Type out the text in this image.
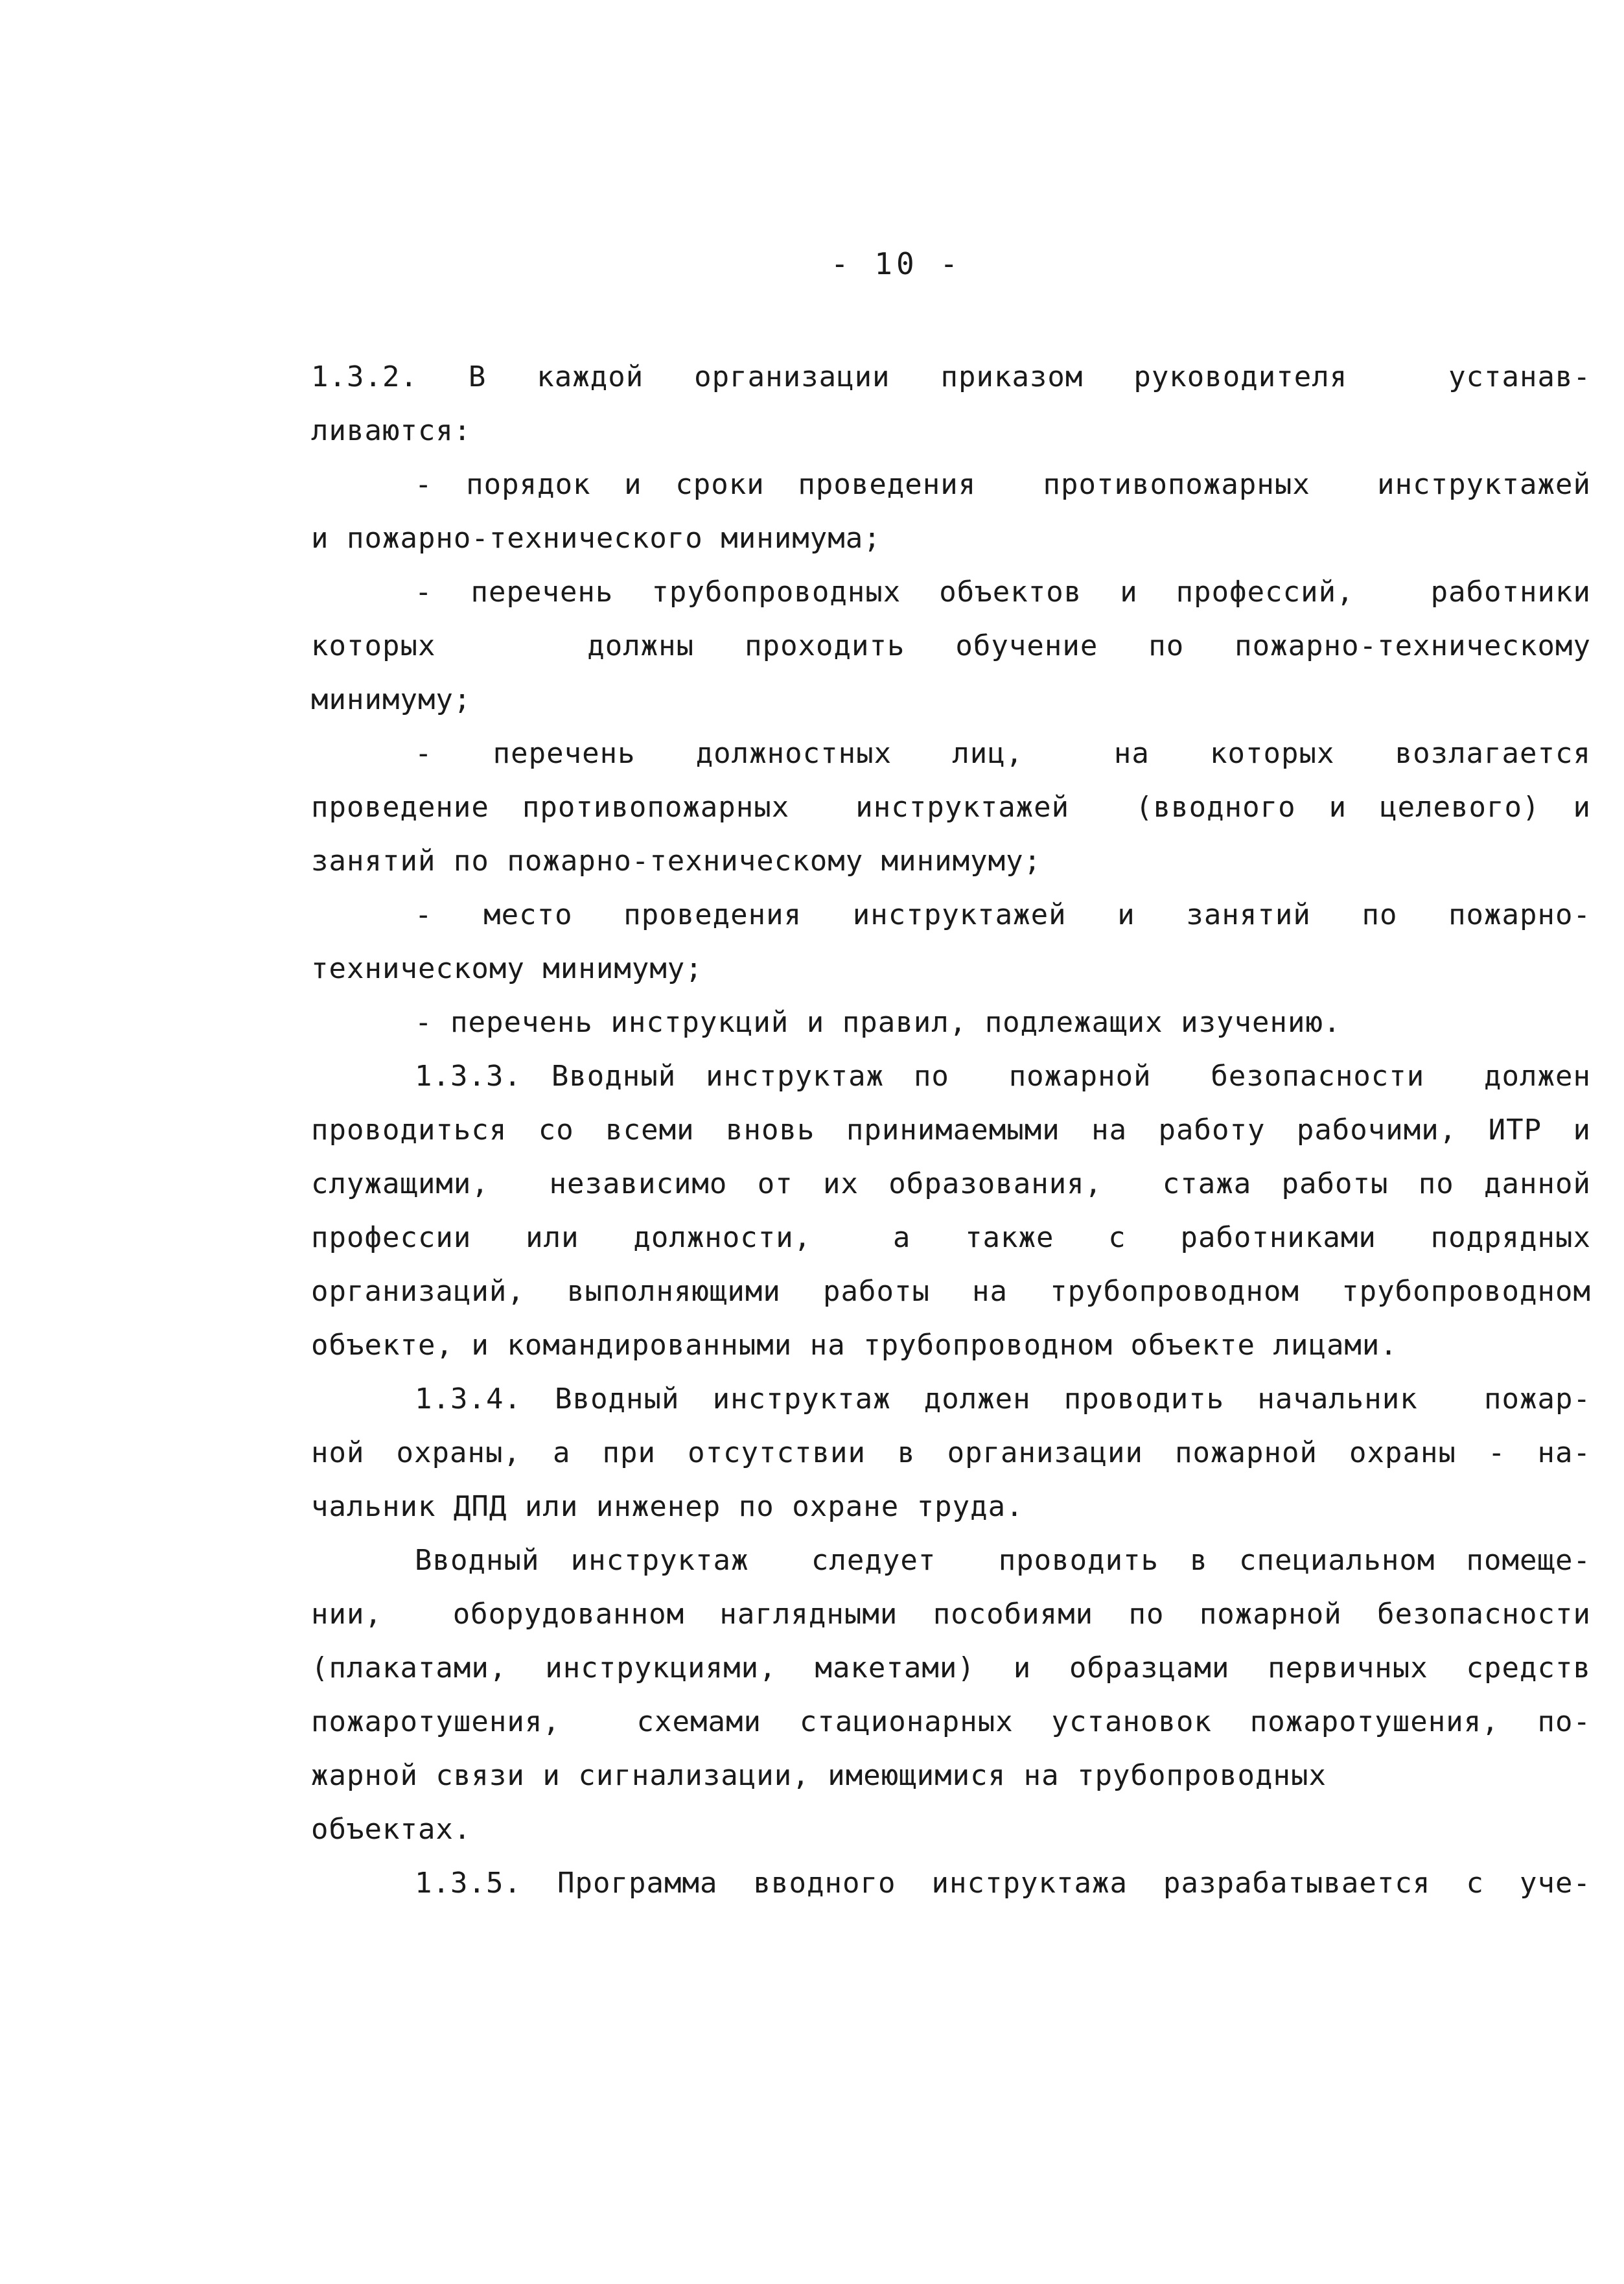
- 10 -
1.3.2. В каждой организации приказом руководителя  устанав-
ливаются:
- порядок и сроки проведения  противопожарных  инструктажей
и пожарно-технического минимума;
- перечень трубопроводных объектов и профессий,  работники
которых   должны проходить обучение по пожарно-техническому
минимуму;
-  перечень  должностных  лиц,   на  которых  возлагается
проведение противопожарных  инструктажей  (вводного и целевого) и
занятий по пожарно-техническому минимуму;
-  место  проведения  инструктажей  и  занятий  по  пожарно-
техническому минимуму;
- перечень инструкций и правил, подлежащих изучению.
1.3.3. Вводный инструктаж по  пожарной  безопасности  должен
проводиться со всеми вновь принимаемыми на работу рабочими, ИТР и
служащими,  независимо от их образования,  стажа работы по данной
профессии  или  должности,   а  также  с  работниками  подрядных
организаций, выполняющими работы на трубопроводном трубопроводном
объекте, и командированными на трубопроводном объекте лицами.
1.3.4. Вводный инструктаж должен проводить начальник  пожар-
ной охраны, а при отсутствии в организации пожарной охраны - на-
чальник ДПД или инженер по охране труда.
Вводный инструктаж  следует  проводить в специальном помеще-
нии,  оборудованном наглядными пособиями по пожарной безопасности
(плакатами, инструкциями, макетами) и образцами первичных средств
пожаротушения,  схемами стационарных установок пожаротушения, по-
жарной связи и сигнализации, имеющимися на трубопроводных
объектах.
1.3.5. Программа вводного инструктажа разрабатывается с уче-
